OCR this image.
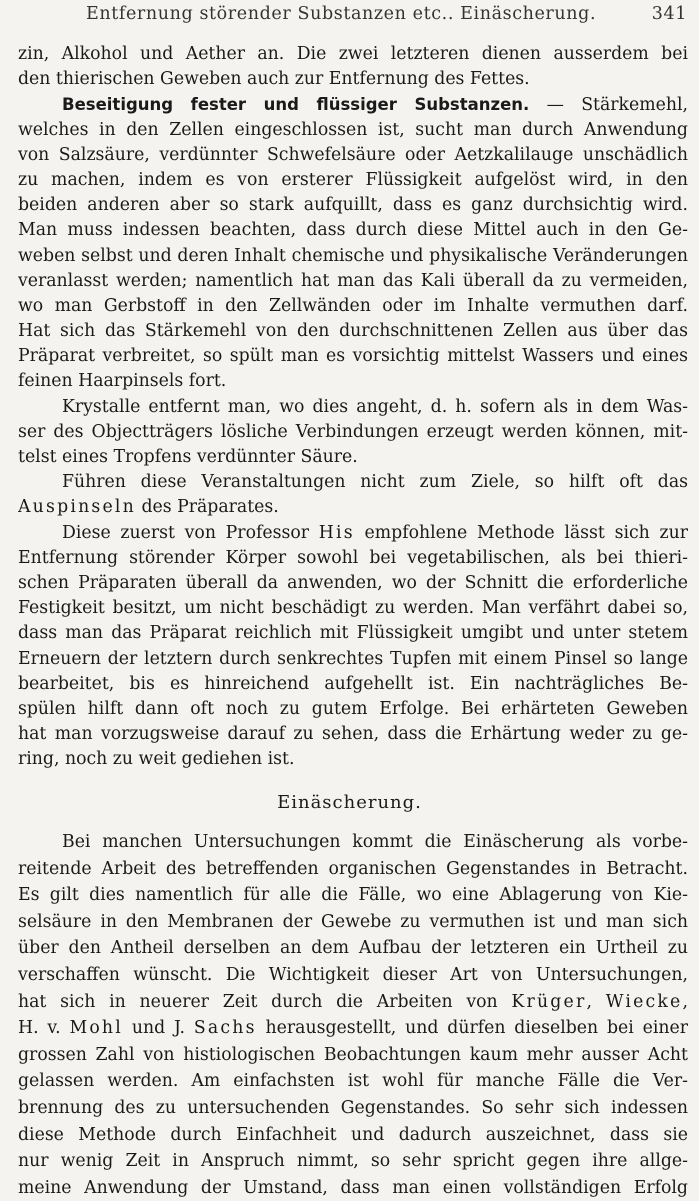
Entfernung störender Substanzen etc.. Einäscherung.	341
zin, Alkohol und Aether an. Die zwei letzteren dienen ausserdem bei
den thierischen Geweben auch zur Entfernung des Fettes.
Beseitigung fester und flüssiger Substanzen. — Stärkemehl,
welches in den Zellen eingeschlossen ist, sucht man durch Anwendung
von Salzsäure, verdünnter Schwefelsäure oder Aetzkalilauge unschädlich
zu machen, indem es von ersterer Flüssigkeit aufgelöst wird, in den
beiden anderen aber so stark aufquillt, dass es ganz durchsichtig wird.
Man muss indessen beachten, dass durch diese Mittel auch in den Ge-
weben selbst und deren Inhalt chemische und physikalische Veränderungen
veranlasst werden; namentlich hat man das Kali überall da zu vermeiden,
wo man Gerbstoff in den Zellwänden oder im Inhalte vermuthen darf.
Hat sich das Stärkemehl von den durchschnittenen Zellen aus über das
Präparat verbreitet, so spült man es vorsichtig mittelst Wassers und eines
feinen Haarpinsels fort.
Krystalle entfernt man, wo dies angeht, d. h. sofern als in dem Was-
ser des Objectträgers lösliche Verbindungen erzeugt werden können, mit-
telst eines Tropfens verdünnter Säure.
Führen diese Veranstaltungen nicht zum Ziele, so hilft oft das
Auspinseln des Präparates.
Diese zuerst von Professor His empfohlene Methode lässt sich zur
Entfernung störender Körper sowohl bei vegetabilischen, als bei thieri-
schen Präparaten überall da anwenden, wo der Schnitt die erforderliche
Festigkeit besitzt, um nicht beschädigt zu werden. Man verfährt dabei so,
dass man das Präparat reichlich mit Flüssigkeit umgibt und unter stetem
Erneuern der letztern durch senkrechtes Tupfen mit einem Pinsel so lange
bearbeitet, bis es hinreichend aufgehellt ist. Ein nachträgliches Be-
spülen hilft dann oft noch zu gutem Erfolge. Bei erhärteten Geweben
hat man vorzugsweise darauf zu sehen, dass die Erhärtung weder zu ge-
ring, noch zu weit gediehen ist.
Einäscherung.
Bei manchen Untersuchungen kommt die Einäscherung als vorbe-
reitende Arbeit des betreffenden organischen Gegenstandes in Betracht.
Es gilt dies namentlich für alle die Fälle, wo eine Ablagerung von Kie-
selsäure in den Membranen der Gewebe zu vermuthen ist und man sich
über den Antheil derselben an dem Aufbau der letzteren ein Urtheil zu
verschaffen wünscht. Die Wichtigkeit dieser Art von Untersuchungen,
hat sich in neuerer Zeit durch die Arbeiten von Krüger, Wiecke,
H. v. Mohl und J. Sachs herausgestellt, und dürfen dieselben bei einer
grossen Zahl von histiologischen Beobachtungen kaum mehr ausser Acht
gelassen werden. Am einfachsten ist wohl für manche Fälle die Ver-
brennung des zu untersuchenden Gegenstandes. So sehr sich indessen
diese Methode durch Einfachheit und dadurch auszeichnet, dass sie
nur wenig Zeit in Anspruch nimmt, so sehr spricht gegen ihre allge-
meine Anwendung der Umstand, dass man einen vollständigen Erfolg
